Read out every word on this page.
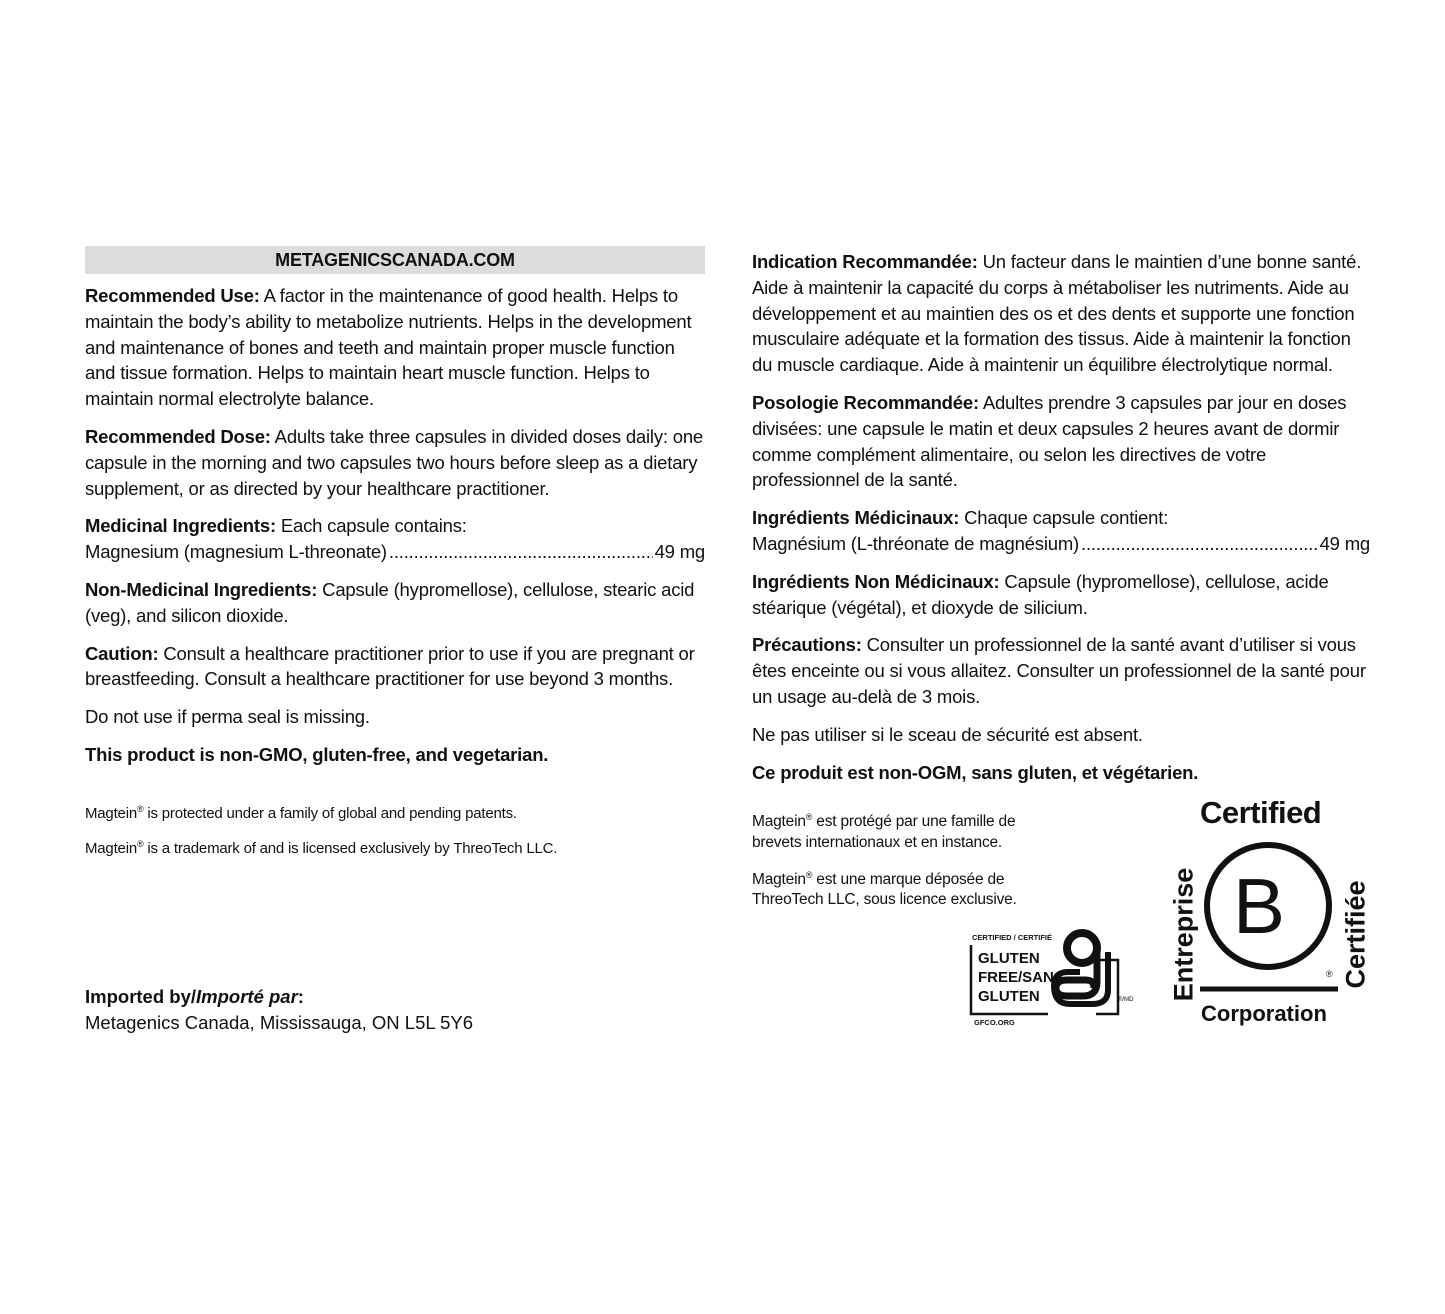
METAGENICSCANADA.COM

Recommended Use: A factor in the maintenance of good health. Helps to maintain the body’s ability to metabolize nutrients. Helps in the development and maintenance of bones and teeth and maintain proper muscle function and tissue formation. Helps to maintain heart muscle function. Helps to maintain normal electrolyte balance.

Recommended Dose: Adults take three capsules in divided doses daily: one capsule in the morning and two capsules two hours before sleep as a dietary supplement, or as directed by your healthcare practitioner.

Medicinal Ingredients: Each capsule contains:

Magnesium (magnesium L-threonate) .....	49 mg

Non-Medicinal Ingredients: Capsule (hypromellose), cellulose, stearic acid (veg), and silicon dioxide.

Caution: Consult a healthcare practitioner prior to use if you are pregnant or breastfeeding. Consult a healthcare practitioner for use beyond 3 months.

Do not use if perma seal is missing.

This product is non-GMO, gluten-free, and vegetarian.

Magtein® is protected under a family of global and pending patents.

Magtein® is a trademark of and is licensed exclusively by ThreoTech LLC.

Imported by/Importé par:
Metagenics Canada, Mississauga, ON L5L 5Y6

Indication Recommandée: Un facteur dans le maintien d’une bonne santé. Aide à maintenir la capacité du corps à métaboliser les nutriments. Aide au développement et au maintien des os et des dents et supporte une fonction musculaire adéquate et la formation des tissus. Aide à maintenir la fonction du muscle cardiaque. Aide à maintenir un équilibre électrolytique normal.

Posologie Recommandée: Adultes prendre 3 capsules par jour en doses divisées: une capsule le matin et deux capsules 2 heures avant de dormir comme complément alimentaire, ou selon les directives de votre professionnel de la santé.

Ingrédients Médicinaux: Chaque capsule contient:

Magnésium (L-thréonate de magnésium) .....	49 mg

Ingrédients Non Médicinaux: Capsule (hypromellose), cellulose, acide stéarique (végétal), et dioxyde de silicium.

Précautions: Consulter un professionnel de la santé avant d’utiliser si vous êtes enceinte ou si vous allaitez. Consulter un professionnel de la santé pour un usage au-delà de 3 mois.

Ne pas utiliser si le sceau de sécurité est absent.

Ce produit est non-OGM, sans gluten, et végétarien.

Magtein® est protégé par une famille de brevets internationaux et en instance.

Magtein® est une marque déposée de ThreoTech LLC, sous licence exclusive.

CERTIFIED / CERTIFIÉ
GLUTEN
FREE/SANS
GLUTEN
GFCO.ORG
®/MD
Certified
Entreprise	Certifiée
B
®
Corporation
